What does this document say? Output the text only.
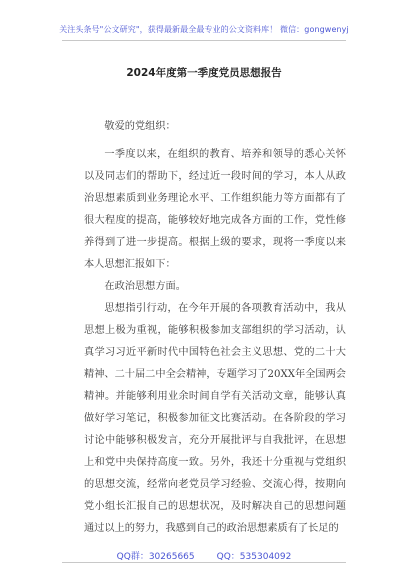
关注头条号"公文研究"，获得最新最全最专业的公文资料库！ 微信：gongwenyj
2024年度第一季度党员思想报告

敬爱的党组织：

一季度以来，在组织的教育、培养和领导的悉心关怀以及同志们的帮助下，经过近一段时间的学习，本人从政治思想素质到业务理论水平、工作组织能力等方面都有了很大程度的提高，能够较好地完成各方面的工作，党性修养得到了进一步提高。根据上级的要求，现将一季度以来本人思想汇报如下：

在政治思想方面。

思想指引行动，在今年开展的各项教育活动中，我从思想上极为重视，能够积极参加支部组织的学习活动，认真学习习近平新时代中国特色社会主义思想、党的二十大精神、二十届二中全会精神，专题学习了20XX年全国两会精神。并能够利用业余时间自学有关活动文章，能够认真做好学习笔记，积极参加征文比赛活动。在各阶段的学习讨论中能够积极发言，充分开展批评与自我批评，在思想上和党中央保持高度一致。另外，我还十分重视与党组织的思想交流，经常向老党员学习经验、交流心得，按期向党小组长汇报自己的思想状况，及时解决自己的思想问题通过以上的努力，我感到自己的政治思想素质有了长足的

QQ群：30265665 QQ：535304092
